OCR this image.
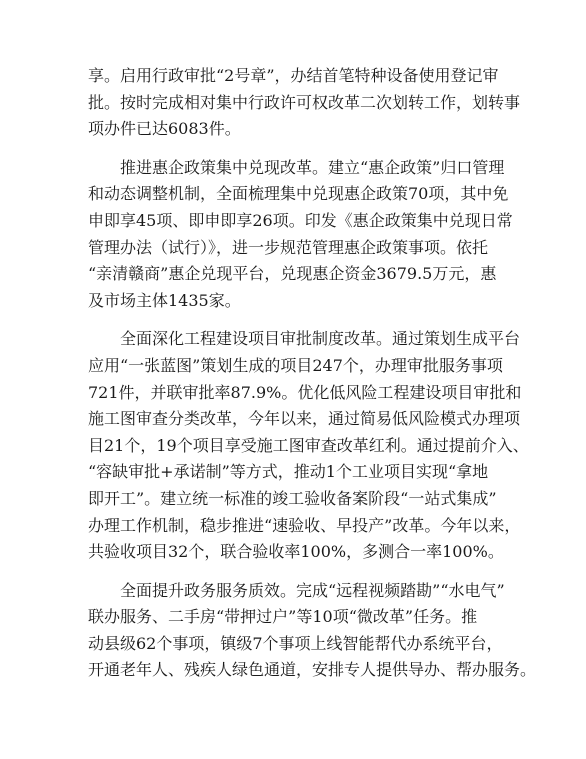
享。启用行政审批“2号章”，办结首笔特种设备使用登记审
批。按时完成相对集中行政许可权改革二次划转工作，划转事
项办件已达6083件。

推进惠企政策集中兑现改革。建立“惠企政策”归口管理
和动态调整机制，全面梳理集中兑现惠企政策70项，其中免
申即享45项、即申即享26项。印发《惠企政策集中兑现日常
管理办法（试行）》，进一步规范管理惠企政策事项。依托
“亲清赣商”惠企兑现平台，兑现惠企资金3679.5万元，惠
及市场主体1435家。

全面深化工程建设项目审批制度改革。通过策划生成平台
应用“一张蓝图”策划生成的项目247个，办理审批服务事项
721件，并联审批率87.9%。优化低风险工程建设项目审批和
施工图审查分类改革，今年以来，通过简易低风险模式办理项
目21个，19个项目享受施工图审查改革红利。通过提前介入、
“容缺审批+承诺制”等方式，推动1个工业项目实现“拿地
即开工”。建立统一标准的竣工验收备案阶段“一站式集成”
办理工作机制，稳步推进“速验收、早投产”改革。今年以来，
共验收项目32个，联合验收率100%，多测合一率100%。

全面提升政务服务质效。完成“远程视频踏勘”“水电气”
联办服务、二手房“带押过户”等10项“微改革”任务。推
动县级62个事项，镇级7个事项上线智能帮代办系统平台，
开通老年人、残疾人绿色通道，安排专人提供导办、帮办服务。
